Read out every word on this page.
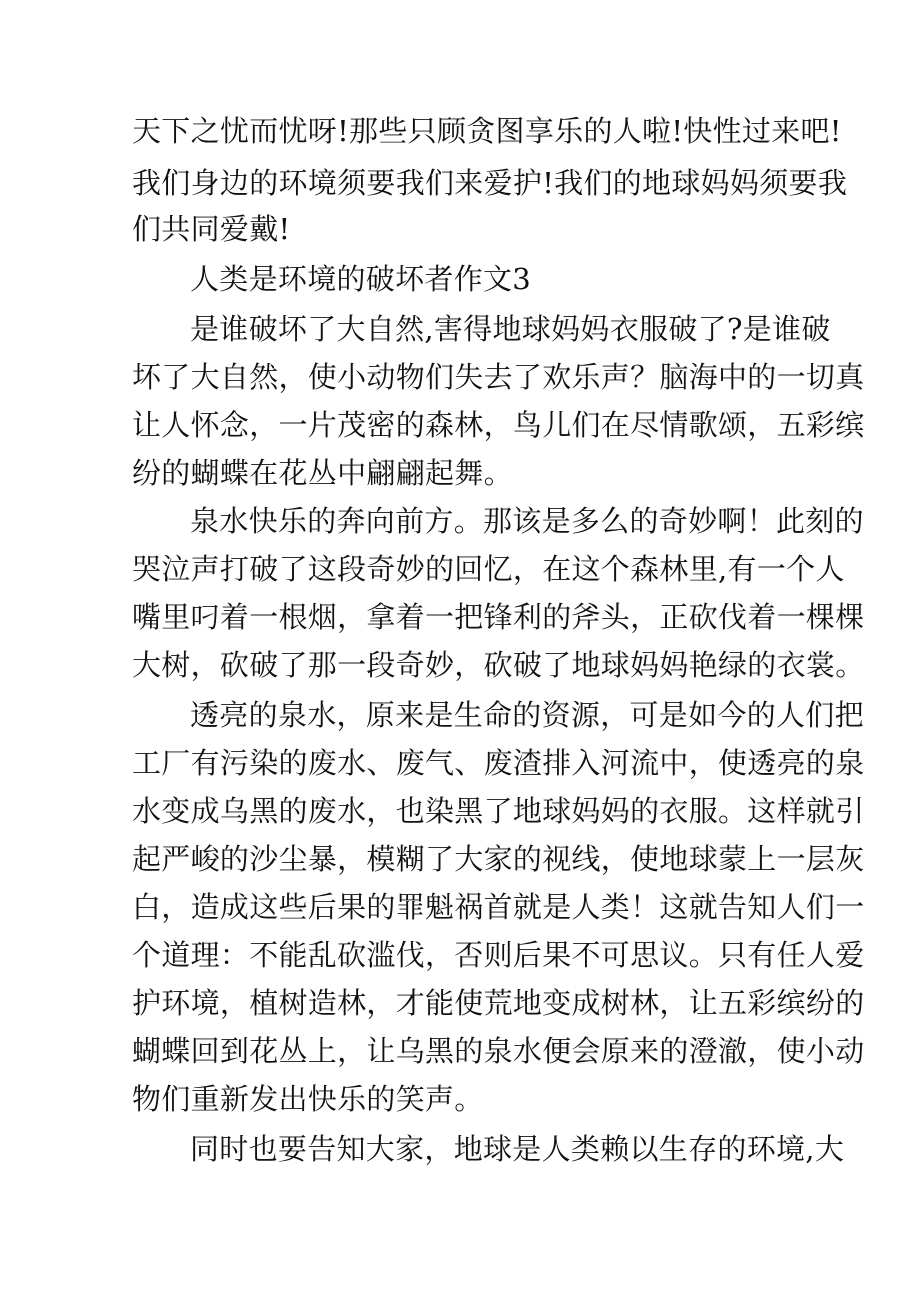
天下之忧而忧呀!那些只顾贪图享乐的人啦!快性过来吧!
我们身边的环境须要我们来爱护!我们的地球妈妈须要我
们共同爱戴!
人类是环境的破坏者作文3
是谁破坏了大自然,害得地球妈妈衣服破了?是谁破
坏了大自然，使小动物们失去了欢乐声？脑海中的一切真
让人怀念，一片茂密的森林，鸟儿们在尽情歌颂，五彩缤
纷的蝴蝶在花丛中翩翩起舞。
泉水快乐的奔向前方。那该是多么的奇妙啊！此刻的
哭泣声打破了这段奇妙的回忆，在这个森林里,有一个人
嘴里叼着一根烟，拿着一把锋利的斧头，正砍伐着一棵棵
大树，砍破了那一段奇妙，砍破了地球妈妈艳绿的衣裳。
透亮的泉水，原来是生命的资源，可是如今的人们把
工厂有污染的废水、废气、废渣排入河流中，使透亮的泉
水变成乌黑的废水，也染黑了地球妈妈的衣服。这样就引
起严峻的沙尘暴，模糊了大家的视线，使地球蒙上一层灰
白，造成这些后果的罪魁祸首就是人类！这就告知人们一
个道理：不能乱砍滥伐，否则后果不可思议。只有任人爱
护环境，植树造林，才能使荒地变成树林，让五彩缤纷的
蝴蝶回到花丛上，让乌黑的泉水便会原来的澄澈，使小动
物们重新发出快乐的笑声。
同时也要告知大家，地球是人类赖以生存的环境,大
